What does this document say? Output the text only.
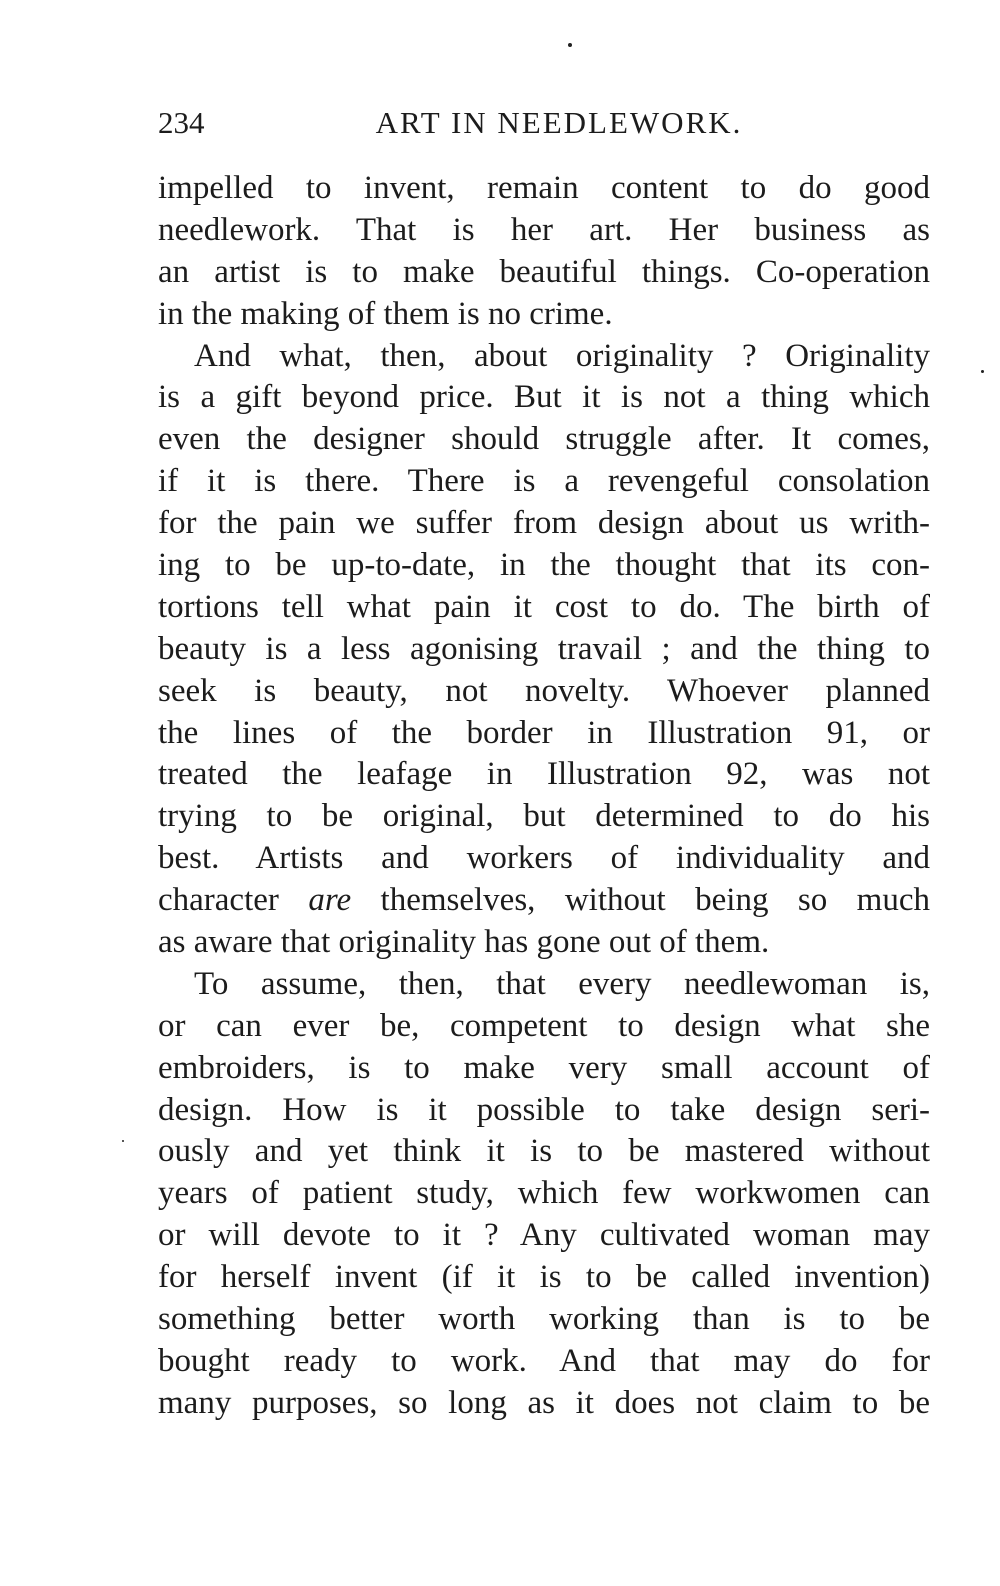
234	ART IN NEEDLEWORK.
impelled to invent, remain content to do good
needlework. That is her art. Her business as
an artist is to make beautiful things. Co-operation
in the making of them is no crime.
And what, then, about originality ? Originality
is a gift beyond price. But it is not a thing which
even the designer should struggle after. It comes,
if it is there. There is a revengeful consolation
for the pain we suffer from design about us writh-
ing to be up-to-date, in the thought that its con-
tortions tell what pain it cost to do. The birth of
beauty is a less agonising travail ; and the thing to
seek is beauty, not novelty. Whoever planned
the lines of the border in Illustration 91, or
treated the leafage in Illustration 92, was not
trying to be original, but determined to do his
best. Artists and workers of individuality and
character are themselves, without being so much
as aware that originality has gone out of them.
To assume, then, that every needlewoman is,
or can ever be, competent to design what she
embroiders, is to make very small account of
design. How is it possible to take design seri-
ously and yet think it is to be mastered without
years of patient study, which few workwomen can
or will devote to it ? Any cultivated woman may
for herself invent (if it is to be called invention)
something better worth working than is to be
bought ready to work. And that may do for
many purposes, so long as it does not claim to be
